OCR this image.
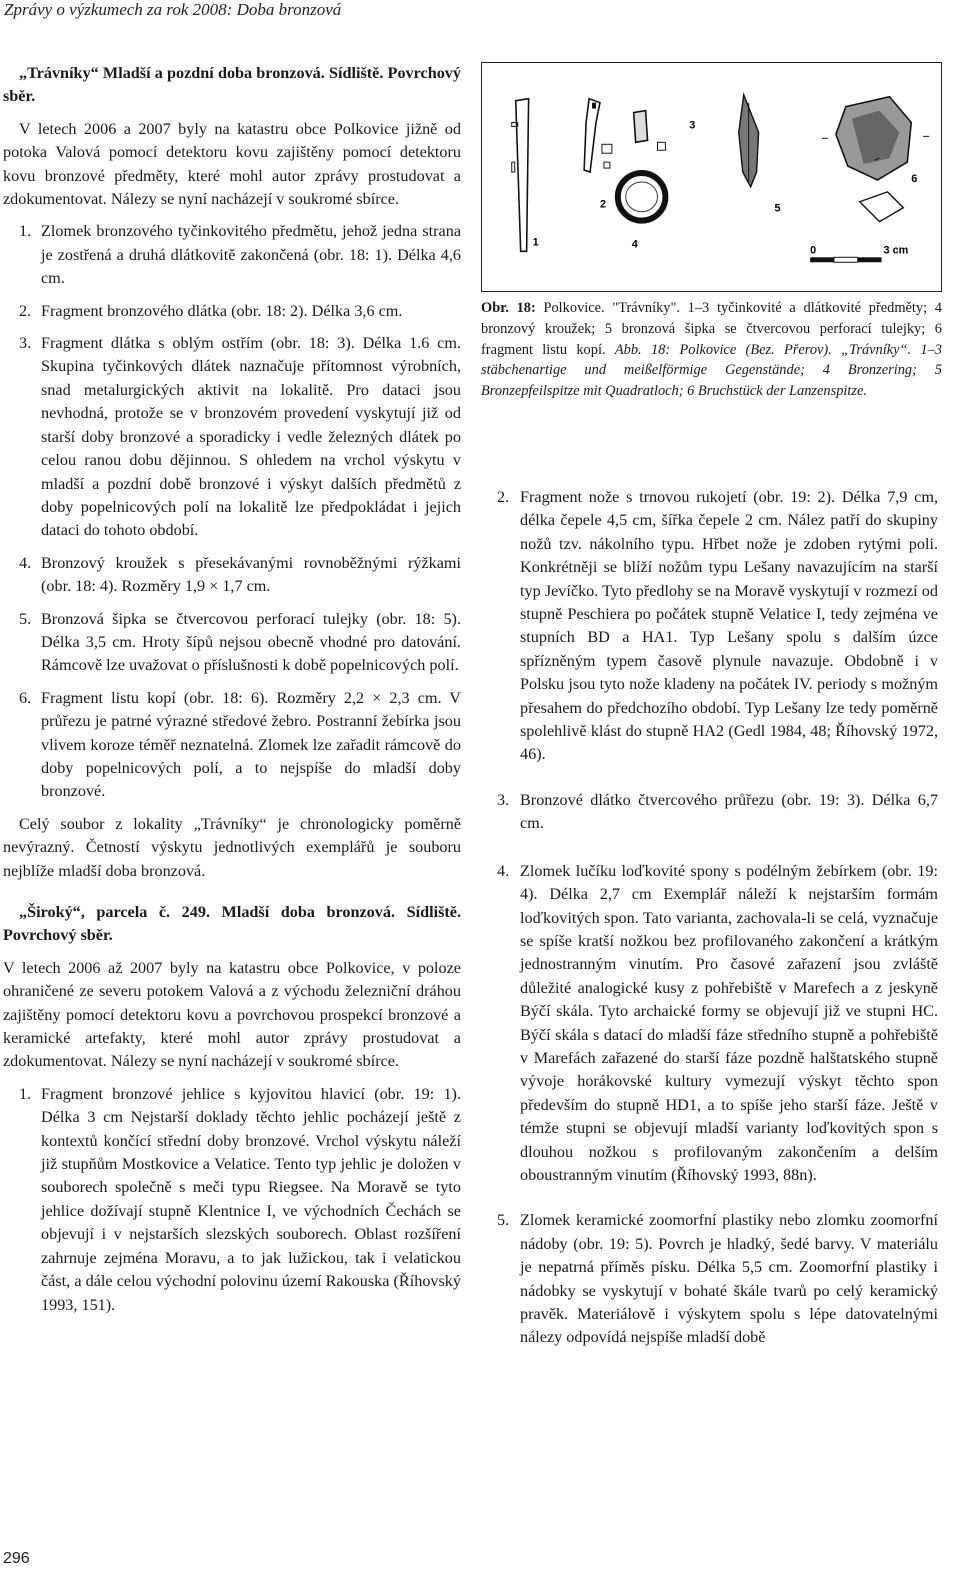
Zprávy o výzkumech za rok 2008: Doba bronzová

„Trávníky“ Mladší a pozdní doba bronzová. Sídliště. Povrchový sběr.

V letech 2006 a 2007 byly na katastru obce Polkovice jižně od potoka Valová pomocí detektoru kovu zajištěny pomocí detektoru kovu bronzové předměty, které mohl autor zprávy prostudovat a zdokumentovat. Nálezy se nyní nacházejí v soukromé sbírce.

1. Zlomek bronzového tyčinkovitého předmětu, jehož jedna strana je zostřená a druhá dlátkovitě zakončená (obr. 18: 1). Délka 4,6 cm.
2. Fragment bronzového dlátka (obr. 18: 2). Délka 3,6 cm.
3. Fragment dlátka s oblým ostřím (obr. 18: 3). Délka 1.6 cm. Skupina tyčinkových dlátek naznačuje přítomnost výrobních, snad metalurgických aktivit na lokalitě. Pro dataci jsou nevhodná, protože se v bronzovém provedení vyskytují již od starší doby bronzové a sporadicky i vedle železných dlátek po celou ranou dobu dějinnou. S ohledem na vrchol výskytu v mladší a pozdní době bronzové i výskyt dalších předmětů z doby popelnicových polí na lokalitě lze předpokládat i jejich dataci do tohoto období.
4. Bronzový kroužek s přesekávanými rovnoběžnými rýžkami (obr. 18: 4). Rozměry 1,9 × 1,7 cm.
5. Bronzová šipka se čtvercovou perforací tulejky (obr. 18: 5). Délka 3,5 cm. Hroty šípů nejsou obecně vhodné pro datování. Rámcově lze uvažovat o příslušnosti k době popelnicových polí.
6. Fragment listu kopí (obr. 18: 6). Rozměry 2,2 × 2,3 cm. V průřezu je patrné výrazné středové žebro. Postranní žebírka jsou vlivem koroze téměř neznatelná. Zlomek lze zařadit rámcově do doby popelnicových polí, a to nejspíše do mladší doby bronzové.

Celý soubor z lokality „Trávníky“ je chronologicky poměrně nevýrazný. Četností výskytu jednotlivých exemplářů je souboru nejblíže mladší doba bronzová.

„Široký“, parcela č. 249. Mladší doba bronzová. Sídliště. Povrchový sběr.

V letech 2006 až 2007 byly na katastru obce Polkovice, v poloze ohraničené ze severu potokem Valová a z východu železniční dráhou zajištěny pomocí detektoru kovu a povrchovou prospekcí bronzové a keramické artefakty, které mohl autor zprávy prostudovat a zdokumentovat. Nálezy se nyní nacházejí v soukromé sbírce.

1. Fragment bronzové jehlice s kyjovitou hlavicí (obr. 19: 1). Délka 3 cm Nejstarší doklady těchto jehlic pocházejí ještě z kontextů končící střední doby bronzové. Vrchol výskytu náleží již stupňům Mostkovice a Velatice. Tento typ jehlic je doložen v souborech společně s meči typu Riegsee. Na Moravě se tyto jehlice dožívají stupně Klentnice I, ve východních Čechách se objevují i v nejstarších slezských souborech. Oblast rozšíření zahrnuje zejména Moravu, a to jak lužickou, tak i velatickou část, a dále celou východní polovinu území Rakouska (Říhovský 1993, 151).
1
2
3
4
5
6
0	3 cm
Obr. 18: Polkovice. "Trávníky". 1–3 tyčinkovité a dlátkovité předměty; 4 bronzový kroužek; 5 bronzová šipka se čtvercovou perforací tulejky; 6 fragment listu kopí. Abb. 18: Polkovice (Bez. Přerov). „Trávníky“. 1–3 stäbchenartige und meißelförmige Gegenstände; 4 Bronzering; 5 Bronzepfeilspitze mit Quadratloch; 6 Bruchstück der Lanzenspitze.
2. Fragment nože s trnovou rukojetí (obr. 19: 2). Délka 7,9 cm, délka čepele 4,5 cm, šířka čepele 2 cm. Nález patří do skupiny nožů tzv. nákolního typu. Hřbet nože je zdoben rytými poli. Konkrétněji se blíží nožům typu Lešany navazujícím na starší typ Jevíčko. Tyto předlohy se na Moravě vyskytují v rozmezí od stupně Peschiera po počátek stupně Velatice I, tedy zejména ve stupních BD a HA1. Typ Lešany spolu s dalším úzce spřízněným typem časově plynule navazuje. Obdobně i v Polsku jsou tyto nože kladeny na počátek IV. periody s možným přesahem do předchozího období. Typ Lešany lze tedy poměrně spolehlivě klást do stupně HA2 (Gedl 1984, 48; Říhovský 1972, 46).
3. Bronzové dlátko čtvercového průřezu (obr. 19: 3). Délka 6,7 cm.
4. Zlomek lučíku loďkovité spony s podélným žebírkem (obr. 19: 4). Délka 2,7 cm Exemplář náleží k nejstarším formám loďkovitých spon. Tato varianta, zachovala-li se celá, vyznačuje se spíše kratší nožkou bez profilovaného zakončení a krátkým jednostranným vinutím. Pro časové zařazení jsou zvláště důležité analogické kusy z pohřebiště v Marefech a z jeskyně Býčí skála. Tyto archaické formy se objevují již ve stupni HC. Býčí skála s datací do mladší fáze středního stupně a pohřebiště v Marefách zařazené do starší fáze pozdně halštatského stupně vývoje horákovské kultury vymezují výskyt těchto spon především do stupně HD1, a to spíše jeho starší fáze. Ještě v témže stupni se objevují mladší varianty loďkovitých spon s dlouhou nožkou s profilovaným zakončením a delším oboustranným vinutím (Říhovský 1993, 88n).
5. Zlomek keramické zoomorfní plastiky nebo zlomku zoomorfní nádoby (obr. 19: 5). Povrch je hladký, šedé barvy. V materiálu je nepatrná příměs písku. Délka 5,5 cm. Zoomorfní plastiky i nádobky se vyskytují v bohaté škále tvarů po celý keramický pravěk. Materiálově i výskytem spolu s lépe datovatelnými nálezy odpovídá nejspíše mladší době
296
